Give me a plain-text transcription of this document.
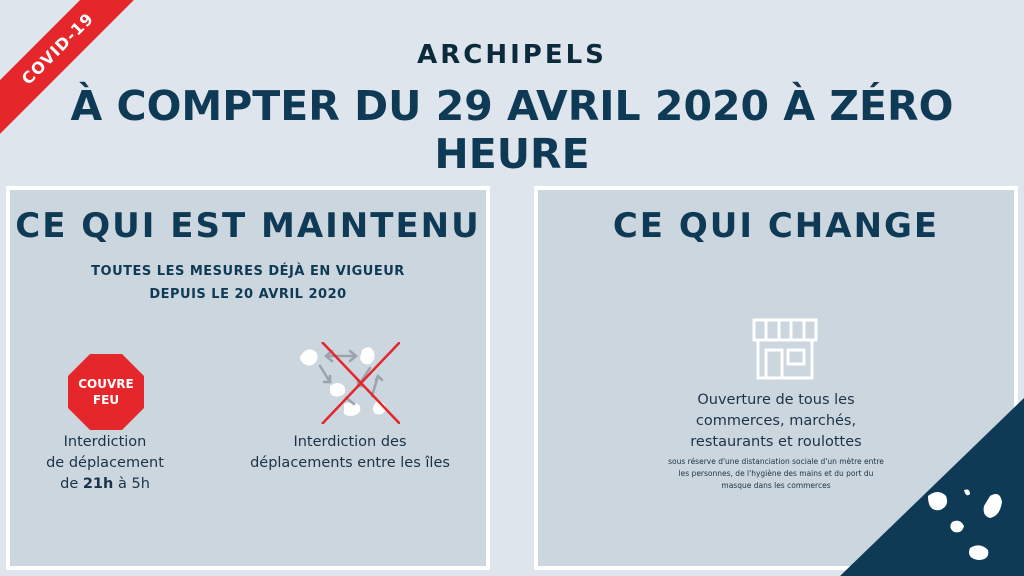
COVID-19	ARCHIPELS
À COMPTER DU 29 AVRIL 2020 À ZÉRO HEURE
CE QUI EST MAINTENU
TOUTES LES MESURES DÉJÀ EN VIGUEUR
DEPUIS LE 20 AVRIL 2020
COUVRE
FEU
Interdiction
de déplacement
de 21h à 5h
Interdiction des
déplacements entre les îles
CE QUI CHANGE
Ouverture de tous les
commerces, marchés,
restaurants et roulottes
sous réserve d'une distanciation sociale d'un mètre entre
les personnes, de l'hygiène des mains et du port du
masque dans les commerces
